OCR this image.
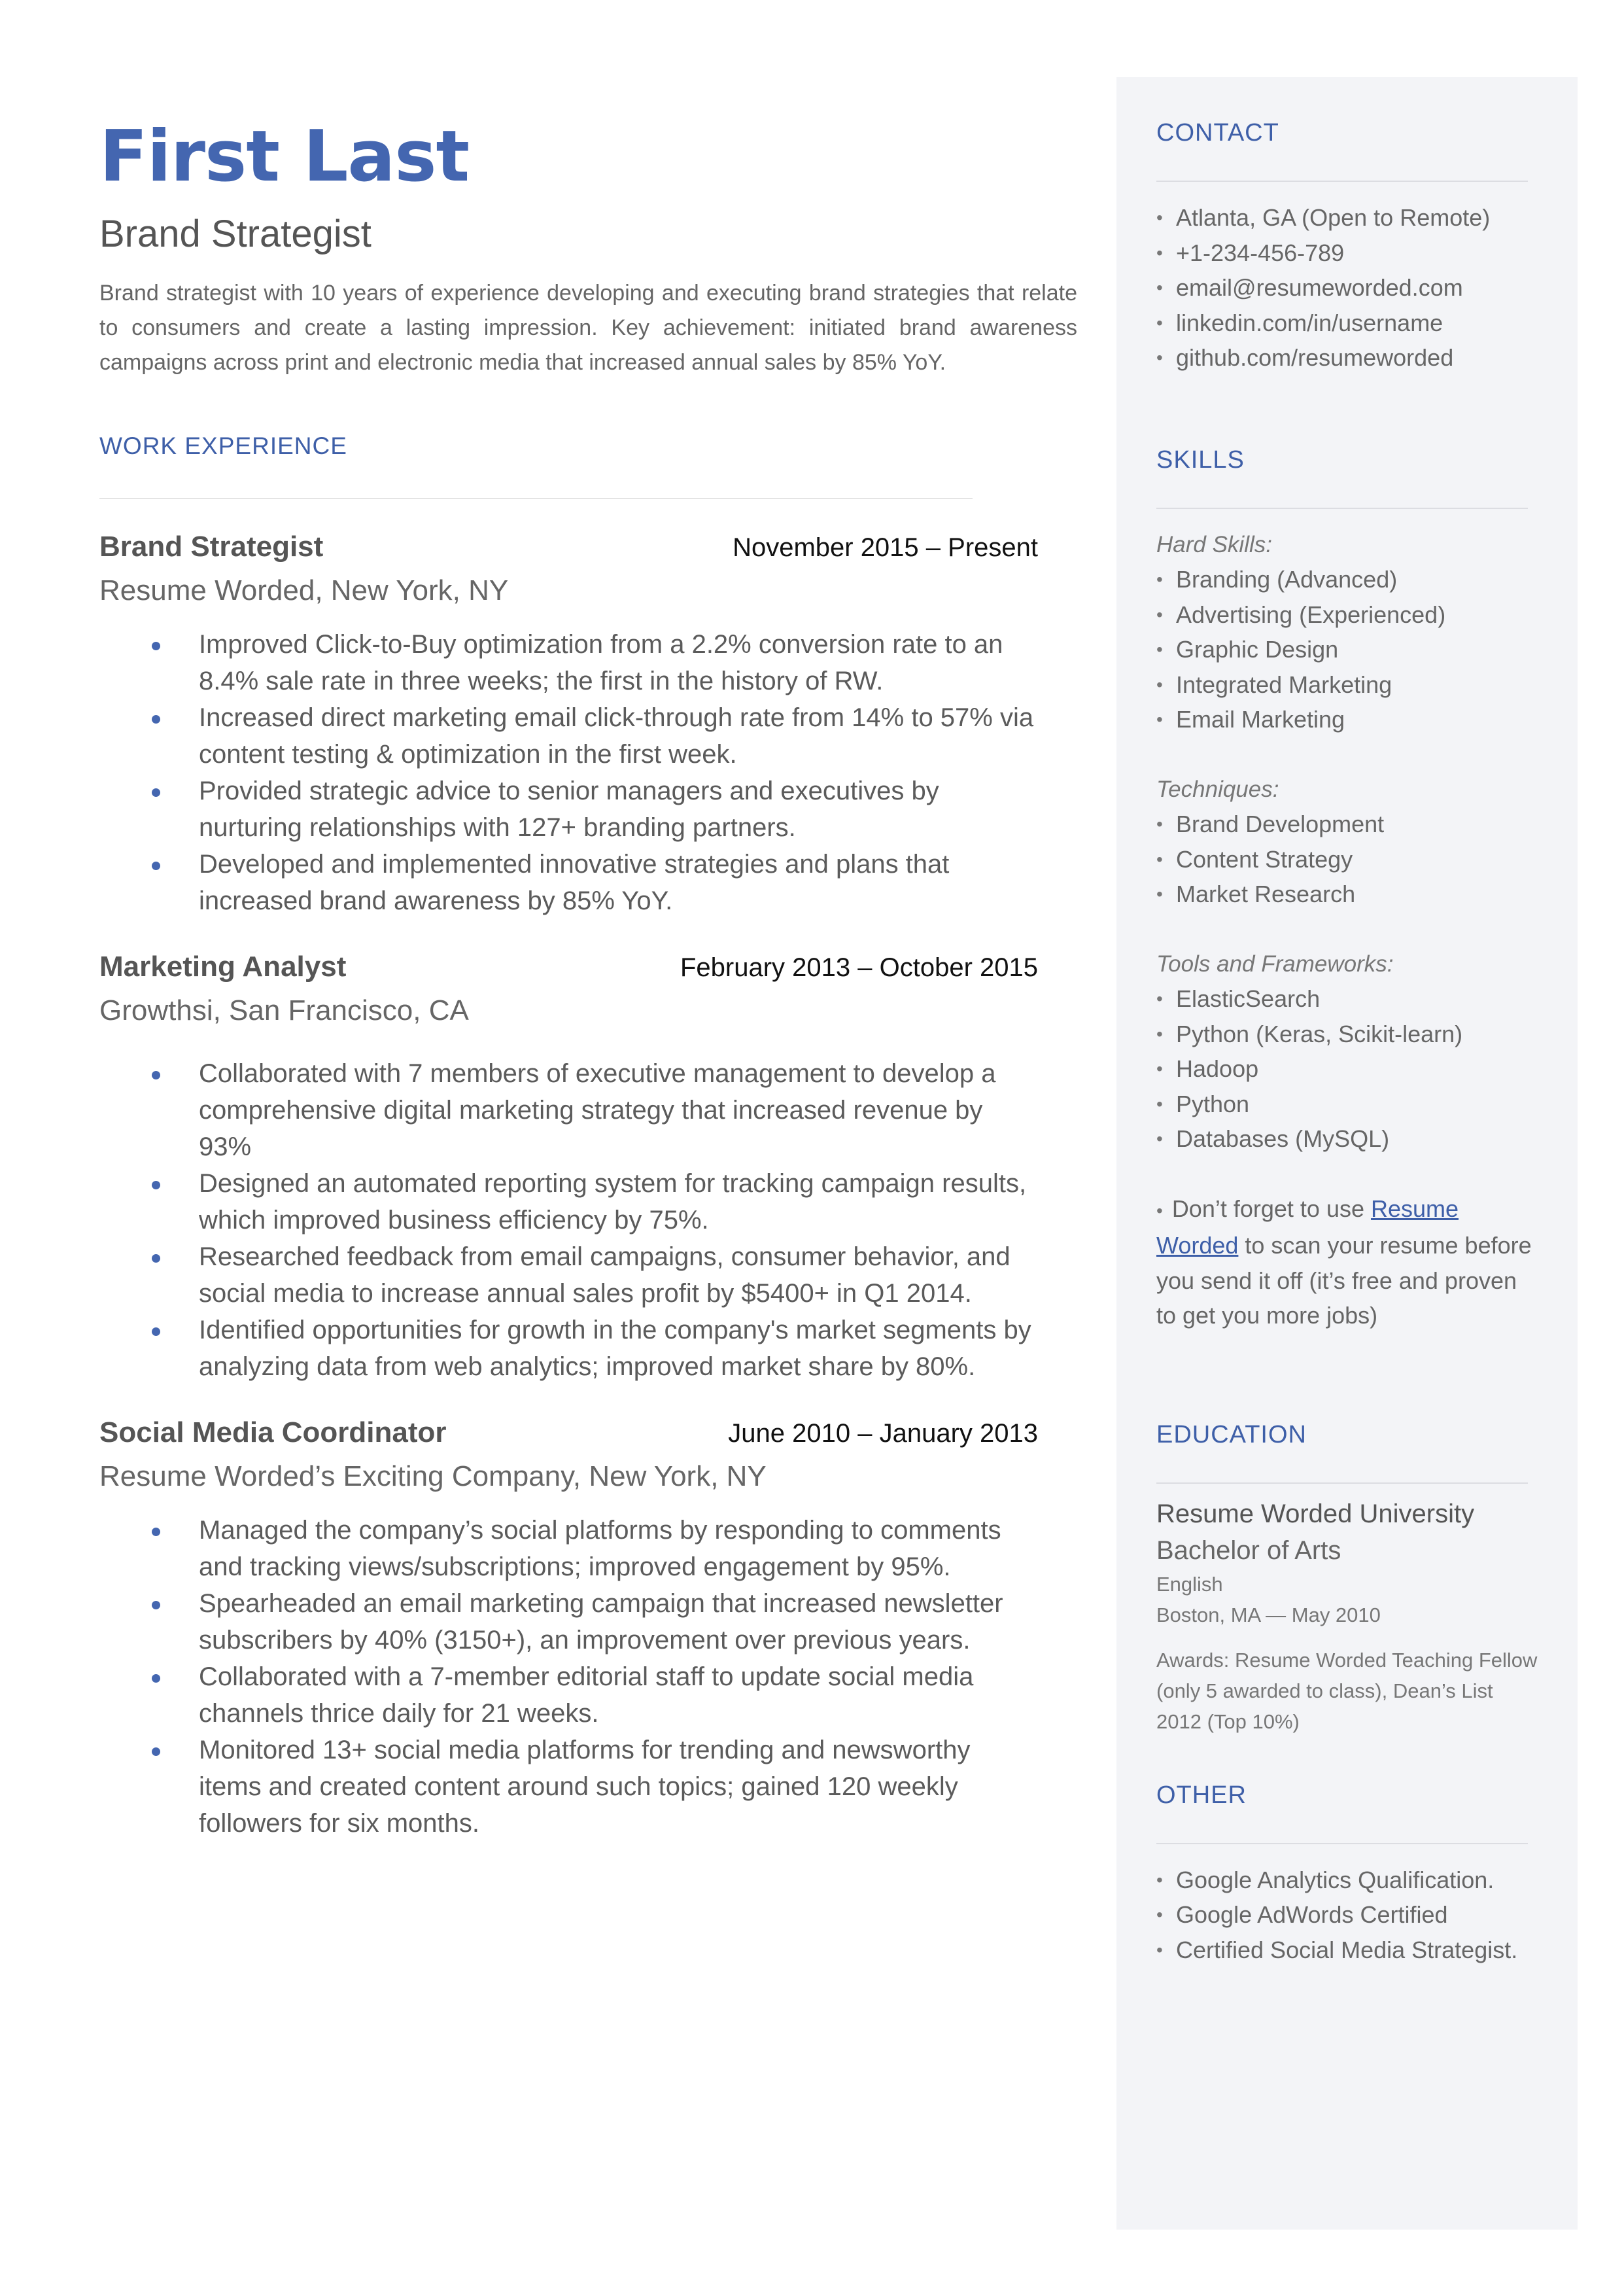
First Last
Brand Strategist
Brand strategist with 10 years of experience developing and executing brand strategies that relate to consumers and create a lasting impression. Key achievement: initiated brand awareness campaigns across print and electronic media that increased annual sales by 85% YoY.
WORK EXPERIENCE
Brand Strategist	November 2015 – Present
Resume Worded, New York, NY
Improved Click-to-Buy optimization from a 2.2% conversion rate to an 8.4% sale rate in three weeks; the first in the history of RW.
Increased direct marketing email click-through rate from 14% to 57% via content testing & optimization in the first week.
Provided strategic advice to senior managers and executives by nurturing relationships with 127+ branding partners.
Developed and implemented innovative strategies and plans that increased brand awareness by 85% YoY.
Marketing Analyst	February 2013 – October 2015
Growthsi, San Francisco, CA
Collaborated with 7 members of executive management to develop a comprehensive digital marketing strategy that increased revenue by 93%
Designed an automated reporting system for tracking campaign results, which improved business efficiency by 75%.
Researched feedback from email campaigns, consumer behavior, and social media to increase annual sales profit by $5400+ in Q1 2014.
Identified opportunities for growth in the company's market segments by analyzing data from web analytics; improved market share by 80%.
Social Media Coordinator	June 2010 – January 2013
Resume Worded’s Exciting Company, New York, NY
Managed the company’s social platforms by responding to comments and tracking views/subscriptions; improved engagement by 95%.
Spearheaded an email marketing campaign that increased newsletter subscribers by 40% (3150+), an improvement over previous years.
Collaborated with a 7-member editorial staff to update social media channels thrice daily for 21 weeks.
Monitored 13+ social media platforms for trending and newsworthy items and created content around such topics; gained 120 weekly followers for six months.
CONTACT
• Atlanta, GA (Open to Remote)
• +1-234-456-789
• email@resumeworded.com
• linkedin.com/in/username
• github.com/resumeworded
SKILLS
Hard Skills:
• Branding (Advanced)
• Advertising (Experienced)
• Graphic Design
• Integrated Marketing
• Email Marketing
Techniques:
• Brand Development
• Content Strategy
• Market Research
Tools and Frameworks:
• ElasticSearch
• Python (Keras, Scikit-learn)
• Hadoop
• Python
• Databases (MySQL)
• Don’t forget to use Resume Worded to scan your resume before you send it off (it’s free and proven to get you more jobs)
EDUCATION
Resume Worded University
Bachelor of Arts
English
Boston, MA — May 2010
Awards: Resume Worded Teaching Fellow (only 5 awarded to class), Dean’s List 2012 (Top 10%)
OTHER
• Google Analytics Qualification.
• Google AdWords Certified
• Certified Social Media Strategist.
